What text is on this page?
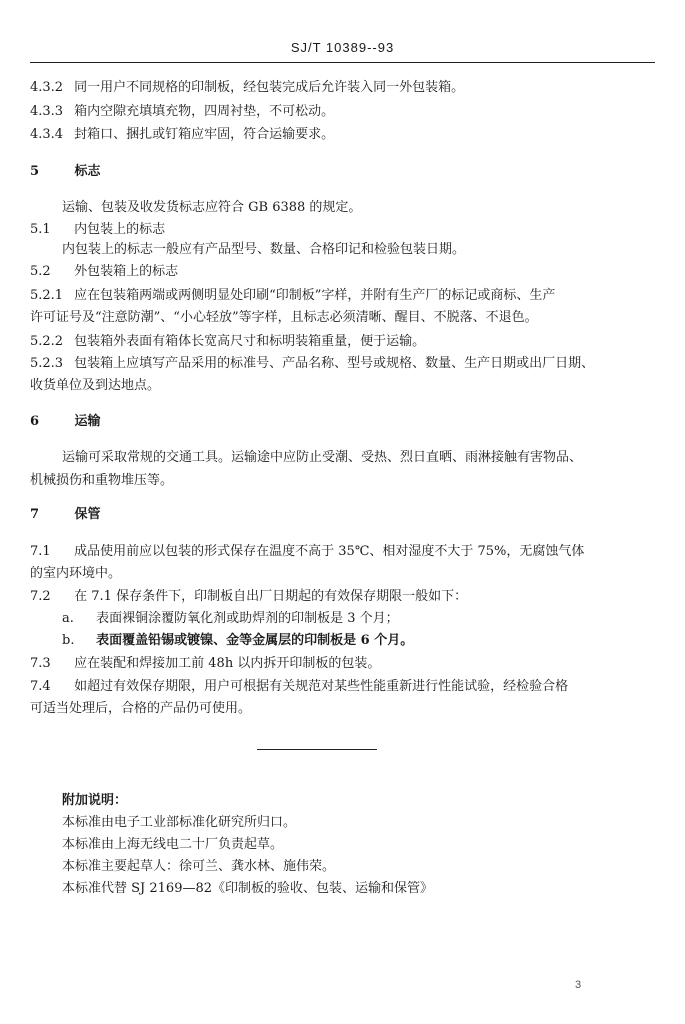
SJ/T 10389--93
4.3.2 同一用户不同规格的印制板，经包装完成后允许装入同一外包装箱。
4.3.3 箱内空隙充填填充物，四周衬垫，不可松动。
4.3.4 封箱口、捆扎或钉箱应牢固，符合运输要求。
5	标志
运输、包装及收发货标志应符合 GB 6388 的规定。
5.1 内包装上的标志
内包装上的标志一般应有产品型号、数量、合格印记和检验包装日期。
5.2 外包装箱上的标志
5.2.1 应在包装箱两端或两侧明显处印刷“印制板”字样，并附有生产厂的标记或商标、生产
许可证号及“注意防潮”、“小心轻放”等字样，且标志必须清晰、醒目、不脱落、不退色。
5.2.2 包装箱外表面有箱体长宽高尺寸和标明装箱重量，便于运输。
5.2.3 包装箱上应填写产品采用的标准号、产品名称、型号或规格、数量、生产日期或出厂日期、
收货单位及到达地点。
6	运输
运输可采取常规的交通工具。运输途中应防止受潮、受热、烈日直晒、雨淋接触有害物品、
机械损伤和重物堆压等。
7	保管
7.1 成品使用前应以包装的形式保存在温度不高于 35℃、相对湿度不大于 75%，无腐蚀气体
的室内环境中。
7.2 在 7.1 保存条件下，印制板自出厂日期起的有效保存期限一般如下：
a. 表面裸铜涂覆防氧化剂或助焊剂的印制板是 3 个月；
b. 表面覆盖铅锡或镀镍、金等金属层的印制板是 6 个月。
7.3 应在装配和焊接加工前 48h 以内拆开印制板的包装。
7.4 如超过有效保存期限，用户可根据有关规范对某些性能重新进行性能试验，经检验合格
可适当处理后，合格的产品仍可使用。
附加说明：
本标准由电子工业部标准化研究所归口。
本标准由上海无线电二十厂负责起草。
本标准主要起草人：徐可兰、龚水林、施伟荣。
本标准代替 SJ 2169—82《印制板的验收、包装、运输和保管》
3
